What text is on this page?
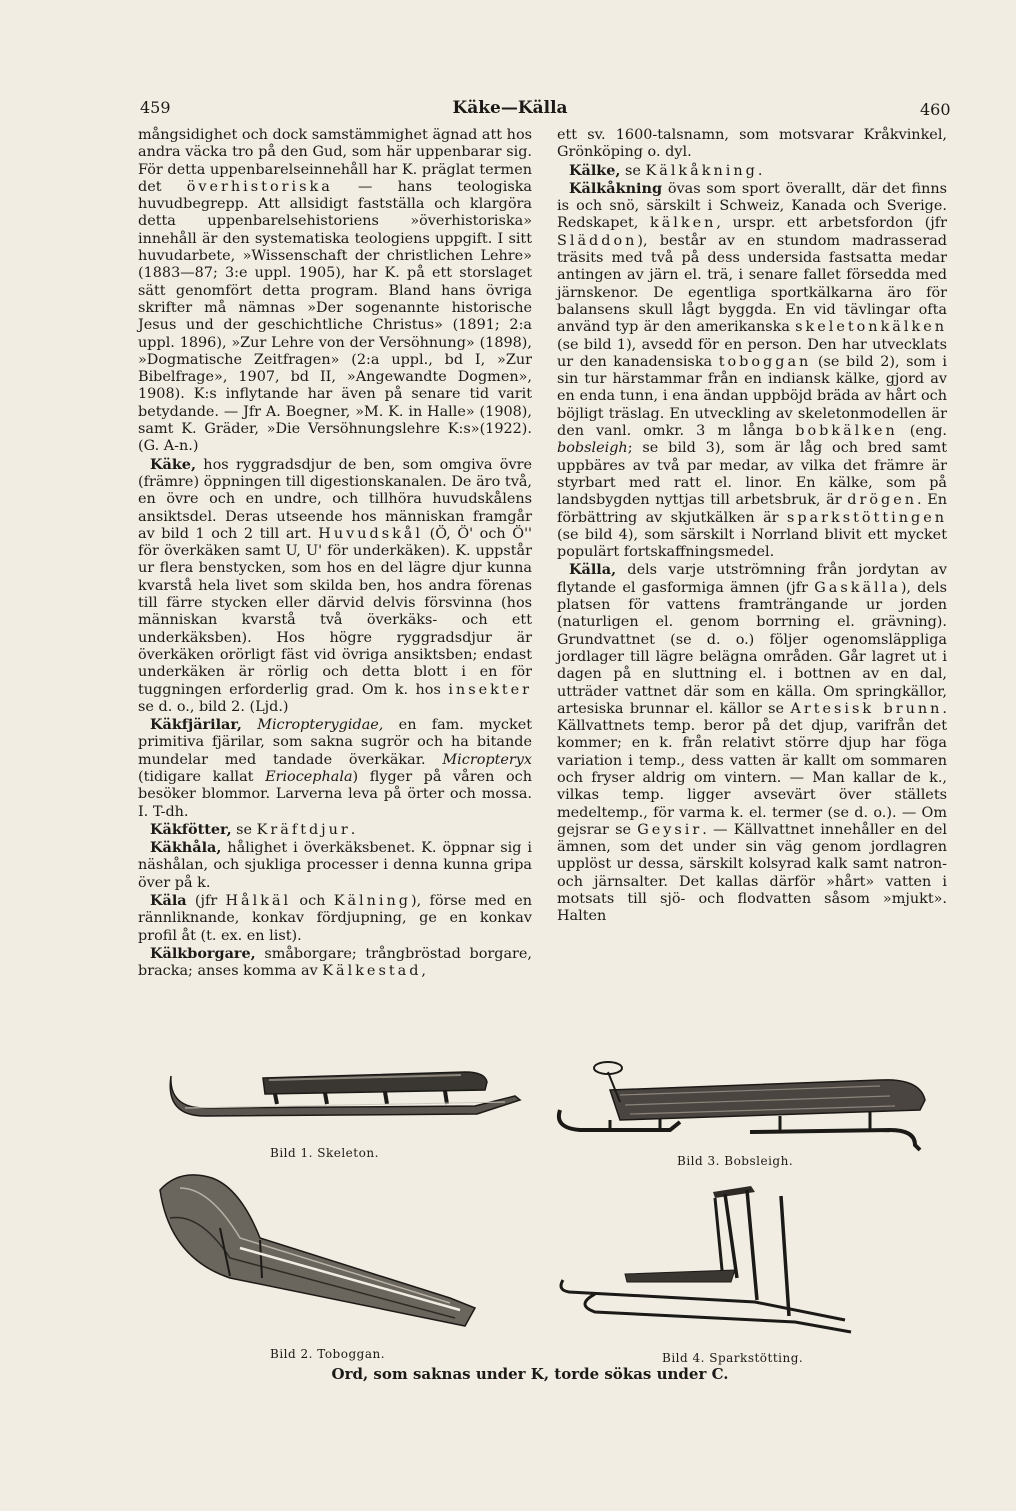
459	Käke—Källa	460

mångsidighet och dock samstämmighet ägnad att hos andra väcka tro på den Gud, som här uppenbarar sig. För detta uppenbarelseinnehåll har K. präglat termen det överhistoriska — hans teologiska huvudbegrepp. Att allsidigt fastställa och klargöra detta uppenbarelsehistoriens »överhistoriska» innehåll är den systematiska teologiens uppgift. I sitt huvudarbete, »Wissenschaft der christlichen Lehre» (1883—87; 3:e uppl. 1905), har K. på ett storslaget sätt genomfört detta program. Bland hans övriga skrifter må nämnas »Der sogenannte historische Jesus und der geschichtliche Christus» (1891; 2:a uppl. 1896), »Zur Lehre von der Versöhnung» (1898), »Dogmatische Zeitfragen» (2:a uppl., bd I, »Zur Bibelfrage», 1907, bd II, »Angewandte Dogmen», 1908). K:s inflytande har även på senare tid varit betydande. — Jfr A. Boegner, »M. K. in Halle» (1908), samt K. Gräder, »Die Versöhnungslehre K:s»(1922). (G. A-n.)

Käke, hos ryggradsdjur de ben, som omgiva övre (främre) öppningen till digestionskanalen. De äro två, en övre och en undre, och tillhöra huvudskålens ansiktsdel. Deras utseende hos människan framgår av bild 1 och 2 till art. Huvudskål (Ö, Ö' och Ö'' för överkäken samt U, U' för underkäken). K. uppstår ur flera benstycken, som hos en del lägre djur kunna kvarstå hela livet som skilda ben, hos andra förenas till färre stycken eller därvid delvis försvinna (hos människan kvarstå två överkäks- och ett underkäksben). Hos högre ryggradsdjur är överkäken orörligt fäst vid övriga ansiktsben; endast underkäken är rörlig och detta blott i en för tuggningen erforderlig grad. Om k. hos insekter se d. o., bild 2. (Ljd.)

Käkfjärilar, Micropterygidae, en fam. mycket primitiva fjärilar, som sakna sugrör och ha bitande mundelar med tandade överkäkar. Micropteryx (tidigare kallat Eriocephala) flyger på våren och besöker blommor. Larverna leva på örter och mossa. I. T-dh.

Käkfötter, se Kräftdjur.

Käkhåla, hålighet i överkäksbenet. K. öppnar sig i näshålan, och sjukliga processer i denna kunna gripa över på k.

Käla (jfr Hålkäl och Kälning), förse med en rännliknande, konkav fördjupning, ge en konkav profil åt (t. ex. en list).

Kälkborgare, småborgare; trångbröstad borgare, bracka; anses komma av Kälkestad,

ett sv. 1600-talsnamn, som motsvarar Kråkvinkel, Grönköping o. dyl.

Kälke, se Kälkåkning.

Kälkåkning övas som sport överallt, där det finns is och snö, särskilt i Schweiz, Kanada och Sverige. Redskapet, kälken, urspr. ett arbetsfordon (jfr Släddon), består av en stundom madrasserad träsits med två på dess undersida fastsatta medar antingen av järn el. trä, i senare fallet försedda med järnskenor. De egentliga sportkälkarna äro för balansens skull lågt byggda. En vid tävlingar ofta använd typ är den amerikanska skeletonkälken (se bild 1), avsedd för en person. Den har utvecklats ur den kanadensiska toboggan (se bild 2), som i sin tur härstammar från en indiansk kälke, gjord av en enda tunn, i ena ändan uppböjd bräda av hårt och böjligt träslag. En utveckling av skeletonmodellen är den vanl. omkr. 3 m långa bobkälken (eng. bobsleigh; se bild 3), som är låg och bred samt uppbäres av två par medar, av vilka det främre är styrbart med ratt el. linor. En kälke, som på landsbygden nyttjas till arbetsbruk, är drögen. En förbättring av skjutkälken är sparkstöttingen (se bild 4), som särskilt i Norrland blivit ett mycket populärt fortskaffningsmedel.

Källa, dels varje utströmning från jordytan av flytande el gasformiga ämnen (jfr Gaskälla), dels platsen för vattens framträngande ur jorden (naturligen el. genom borrning el. grävning). Grundvattnet (se d. o.) följer ogenomsläppliga jordlager till lägre belägna områden. Går lagret ut i dagen på en sluttning el. i bottnen av en dal, utträder vattnet där som en källa. Om springkällor, artesiska brunnar el. källor se Artesisk brunn. Källvattnets temp. beror på det djup, varifrån det kommer; en k. från relativt större djup har föga variation i temp., dess vatten är kallt om sommaren och fryser aldrig om vintern. — Man kallar de k., vilkas temp. ligger avsevärt över ställets medeltemp., för varma k. el. termer (se d. o.). — Om gejsrar se Geysir. — Källvattnet innehåller en del ämnen, som det under sin väg genom jordlagren upplöst ur dessa, särskilt kolsyrad kalk samt natron- och järnsalter. Det kallas därför »hårt» vatten i motsats till sjö- och flodvatten såsom »mjukt». Halten

Bild 1. Skeleton.
Bild 3. Bobsleigh.
Bild 2. Toboggan.	Bild 4. Sparkstötting.
Ord, som saknas under K, torde sökas under C.
